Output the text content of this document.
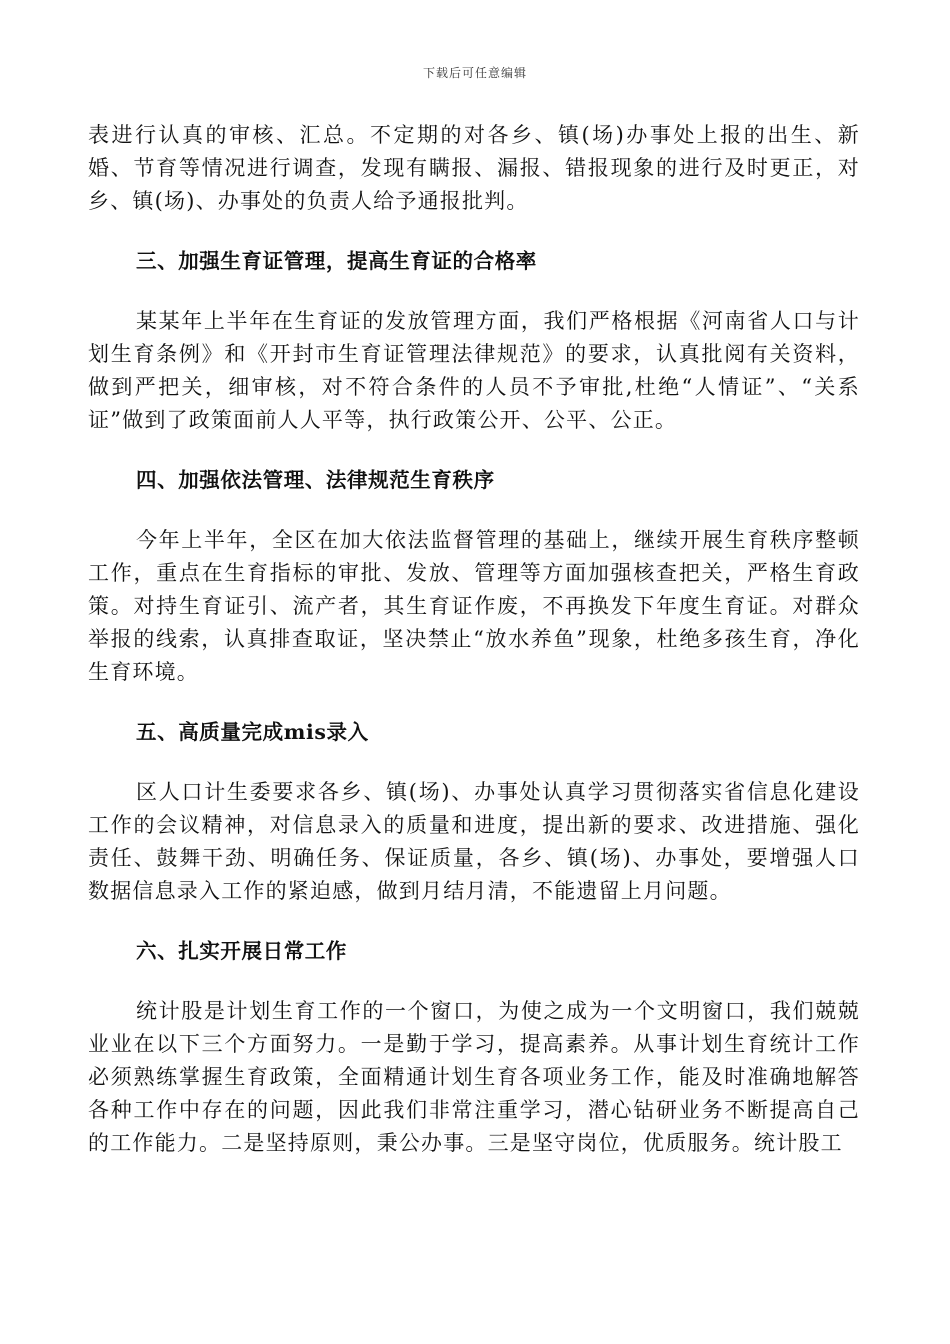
下载后可任意编辑

表进行认真的审核、汇总。不定期的对各乡、镇(场)办事处上报的出生、新婚、节育等情况进行调查，发现有瞒报、漏报、错报现象的进行及时更正，对乡、镇(场)、办事处的负责人给予通报批判。

三、加强生育证管理，提高生育证的合格率

某某年上半年在生育证的发放管理方面，我们严格根据《河南省人口与计划生育条例》和《开封市生育证管理法律规范》的要求，认真批阅有关资料，做到严把关，细审核，对不符合条件的人员不予审批,杜绝“人情证”、“关系证”做到了政策面前人人平等，执行政策公开、公平、公正。

四、加强依法管理、法律规范生育秩序

今年上半年，全区在加大依法监督管理的基础上，继续开展生育秩序整顿工作，重点在生育指标的审批、发放、管理等方面加强核查把关，严格生育政策。对持生育证引、流产者，其生育证作废，不再换发下年度生育证。对群众举报的线索，认真排查取证，坚决禁止“放水养鱼”现象，杜绝多孩生育，净化生育环境。

五、高质量完成mis录入

区人口计生委要求各乡、镇(场)、办事处认真学习贯彻落实省信息化建设工作的会议精神，对信息录入的质量和进度，提出新的要求、改进措施、强化责任、鼓舞干劲、明确任务、保证质量，各乡、镇(场)、办事处，要增强人口数据信息录入工作的紧迫感，做到月结月清，不能遗留上月问题。

六、扎实开展日常工作

统计股是计划生育工作的一个窗口，为使之成为一个文明窗口，我们兢兢业业在以下三个方面努力。一是勤于学习，提高素养。从事计划生育统计工作必须熟练掌握生育政策，全面精通计划生育各项业务工作，能及时准确地解答各种工作中存在的问题，因此我们非常注重学习，潜心钻研业务不断提高自己的工作能力。二是坚持原则，秉公办事。三是坚守岗位，优质服务。统计股工
